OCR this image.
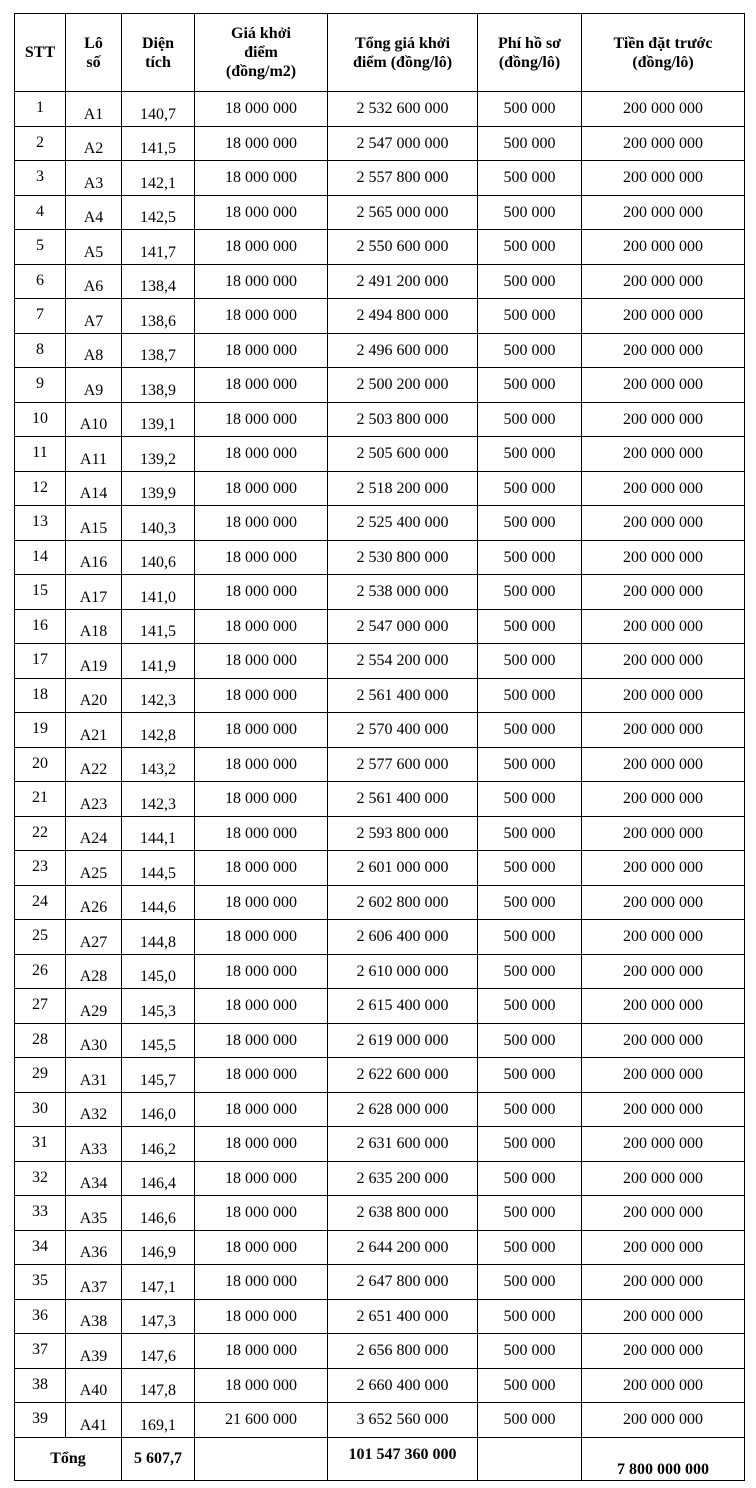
STT	Lô số	Diện tích	Giá khởi điểm (đồng/m2)	Tổng giá khởi điểm (đồng/lô)	Phí hồ sơ (đồng/lô)	Tiền đặt trước (đồng/lô)
1	A1	140,7	18 000 000	2 532 600 000	500 000	200 000 000
2	A2	141,5	18 000 000	2 547 000 000	500 000	200 000 000
3	A3	142,1	18 000 000	2 557 800 000	500 000	200 000 000
4	A4	142,5	18 000 000	2 565 000 000	500 000	200 000 000
5	A5	141,7	18 000 000	2 550 600 000	500 000	200 000 000
6	A6	138,4	18 000 000	2 491 200 000	500 000	200 000 000
7	A7	138,6	18 000 000	2 494 800 000	500 000	200 000 000
8	A8	138,7	18 000 000	2 496 600 000	500 000	200 000 000
9	A9	138,9	18 000 000	2 500 200 000	500 000	200 000 000
10	A10	139,1	18 000 000	2 503 800 000	500 000	200 000 000
11	A11	139,2	18 000 000	2 505 600 000	500 000	200 000 000
12	A14	139,9	18 000 000	2 518 200 000	500 000	200 000 000
13	A15	140,3	18 000 000	2 525 400 000	500 000	200 000 000
14	A16	140,6	18 000 000	2 530 800 000	500 000	200 000 000
15	A17	141,0	18 000 000	2 538 000 000	500 000	200 000 000
16	A18	141,5	18 000 000	2 547 000 000	500 000	200 000 000
17	A19	141,9	18 000 000	2 554 200 000	500 000	200 000 000
18	A20	142,3	18 000 000	2 561 400 000	500 000	200 000 000
19	A21	142,8	18 000 000	2 570 400 000	500 000	200 000 000
20	A22	143,2	18 000 000	2 577 600 000	500 000	200 000 000
21	A23	142,3	18 000 000	2 561 400 000	500 000	200 000 000
22	A24	144,1	18 000 000	2 593 800 000	500 000	200 000 000
23	A25	144,5	18 000 000	2 601 000 000	500 000	200 000 000
24	A26	144,6	18 000 000	2 602 800 000	500 000	200 000 000
25	A27	144,8	18 000 000	2 606 400 000	500 000	200 000 000
26	A28	145,0	18 000 000	2 610 000 000	500 000	200 000 000
27	A29	145,3	18 000 000	2 615 400 000	500 000	200 000 000
28	A30	145,5	18 000 000	2 619 000 000	500 000	200 000 000
29	A31	145,7	18 000 000	2 622 600 000	500 000	200 000 000
30	A32	146,0	18 000 000	2 628 000 000	500 000	200 000 000
31	A33	146,2	18 000 000	2 631 600 000	500 000	200 000 000
32	A34	146,4	18 000 000	2 635 200 000	500 000	200 000 000
33	A35	146,6	18 000 000	2 638 800 000	500 000	200 000 000
34	A36	146,9	18 000 000	2 644 200 000	500 000	200 000 000
35	A37	147,1	18 000 000	2 647 800 000	500 000	200 000 000
36	A38	147,3	18 000 000	2 651 400 000	500 000	200 000 000
37	A39	147,6	18 000 000	2 656 800 000	500 000	200 000 000
38	A40	147,8	18 000 000	2 660 400 000	500 000	200 000 000
39	A41	169,1	21 600 000	3 652 560 000	500 000	200 000 000
Tổng		5 607,7		101 547 360 000		7 800 000 000
